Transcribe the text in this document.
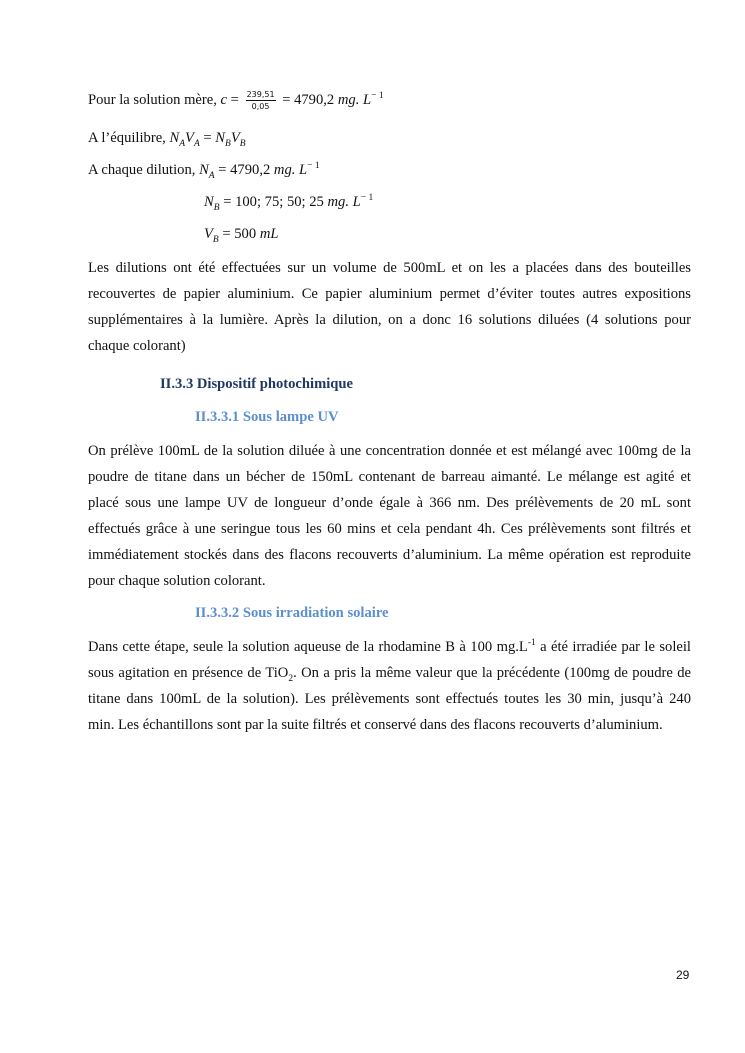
Pour la solution mère, $c = \frac{239,51}{0,05} = 4790,2$ mg. $L^{- 1}$
A l’équilibre, $N_AV_A = N_BV_B$
A chaque dilution, $N_A = 4790,2$ mg. $L^{- 1}$
$N_B = 100$; 75; 50; 25 mg. $L^{- 1}$
$V_B = 500$ mL
Les dilutions ont été effectuées sur un volume de 500mL et on les a placées dans des bouteilles
recouvertes de papier aluminium. Ce papier aluminium permet d’éviter toutes autres expositions
supplémentaires à la lumière. Après la dilution, on a donc 16 solutions diluées (4 solutions pour
chaque colorant)
II.3.3 Dispositif photochimique
II.3.3.1 Sous lampe UV
On prélève 100mL de la solution diluée à une concentration donnée et est mélangé avec 100mg de la
poudre de titane dans un bécher de 150mL contenant de barreau aimanté. Le mélange est agité et
placé sous une lampe UV de longueur d’onde égale à 366 nm. Des prélèvements de 20 mL sont
effectués grâce à une seringue tous les 60 mins et cela pendant 4h. Ces prélèvements sont filtrés et
immédiatement stockés dans des flacons recouverts d’aluminium. La même opération est reproduite
pour chaque solution colorant.
II.3.3.2 Sous irradiation solaire
Dans cette étape, seule la solution aqueuse de la rhodamine B à 100 $mg.L^{-1}$ a été irradiée par le soleil
sous agitation en présence de TiO$_2$. On a pris la même valeur que la précédente (100mg de poudre de
titane dans 100mL de la solution). Les prélèvements sont effectués toutes les 30 min, jusqu’à 240
min. Les échantillons sont par la suite filtrés et conservé dans des flacons recouverts d’aluminium.
29
